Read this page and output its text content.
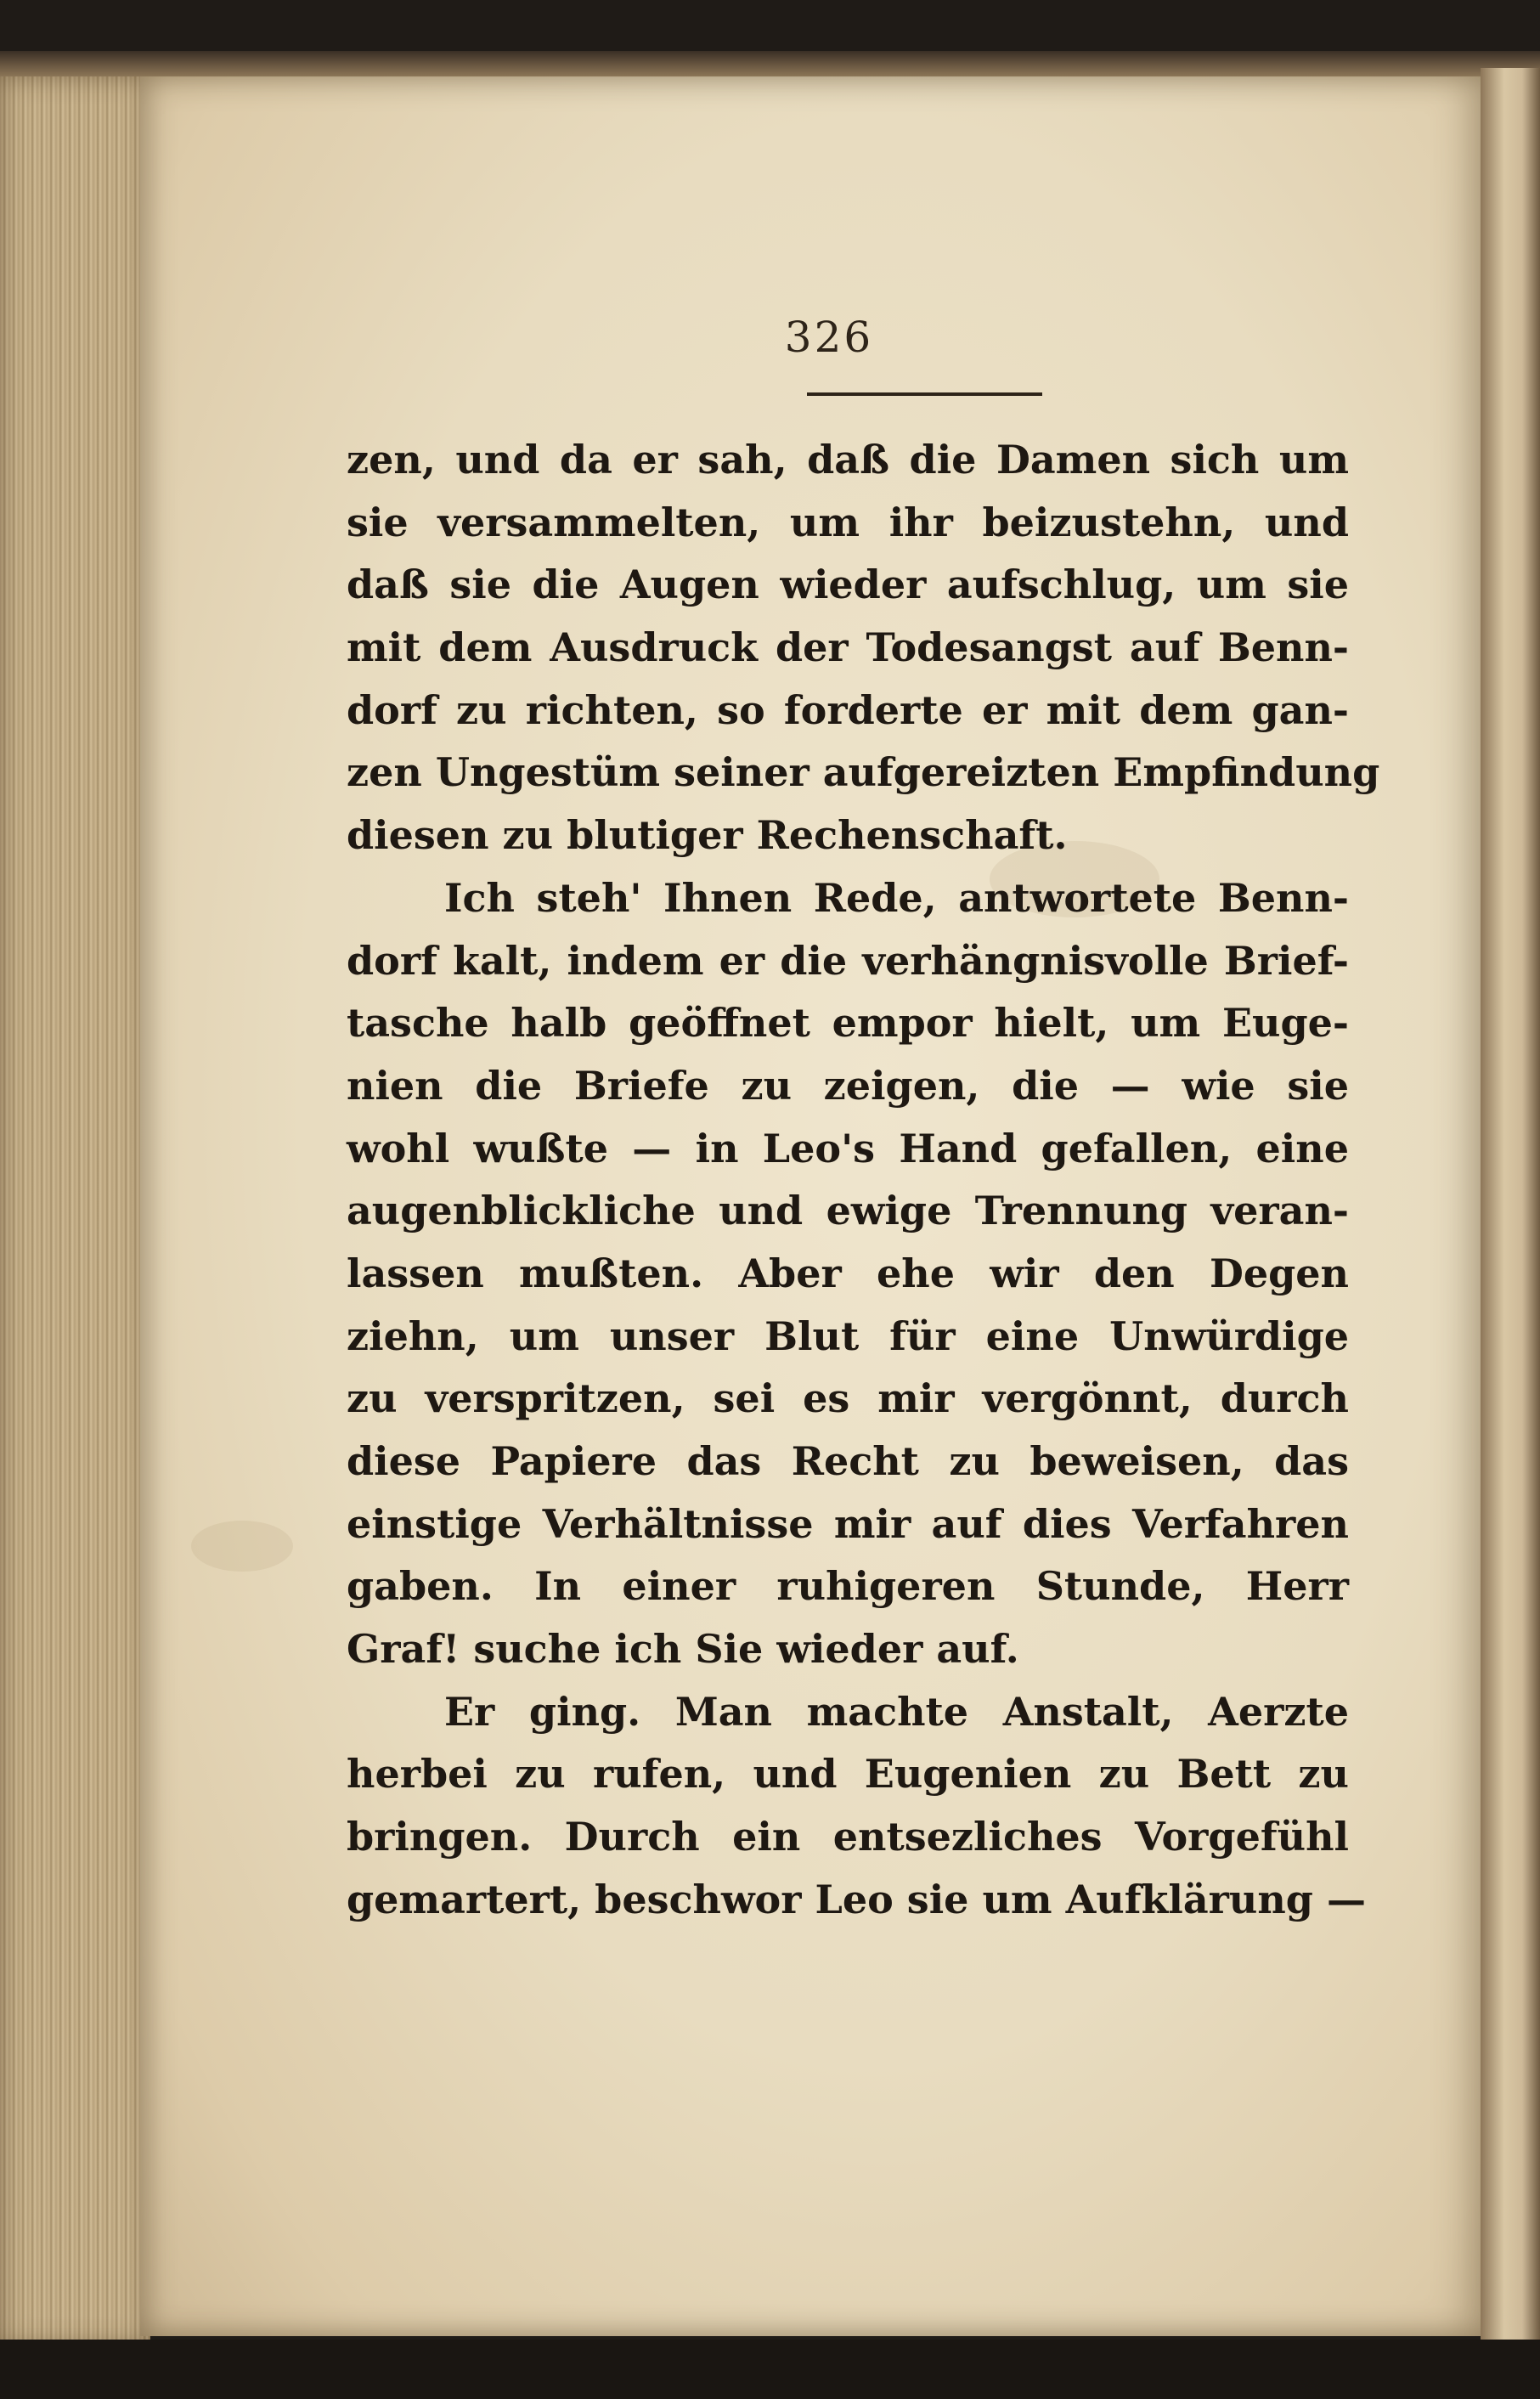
326
zen, und da er sah, daß die Damen sich um
sie versammelten, um ihr beizustehn, und
daß sie die Augen wieder aufschlug, um sie
mit dem Ausdruck der Todesangst auf Benn-
dorf zu richten, so forderte er mit dem gan-
zen Ungestüm seiner aufgereizten Empfindung
diesen zu blutiger Rechenschaft.
Ich steh' Ihnen Rede, antwortete Benn-
dorf kalt, indem er die verhängnisvolle Brief-
tasche halb geöffnet empor hielt, um Euge-
nien die Briefe zu zeigen, die — wie sie
wohl wußte — in Leo's Hand gefallen, eine
augenblickliche und ewige Trennung veran-
lassen mußten. Aber ehe wir den Degen
ziehn, um unser Blut für eine Unwürdige
zu verspritzen, sei es mir vergönnt, durch
diese Papiere das Recht zu beweisen, das
einstige Verhältnisse mir auf dies Verfahren
gaben. In einer ruhigeren Stunde, Herr
Graf! suche ich Sie wieder auf.
Er ging. Man machte Anstalt, Aerzte
herbei zu rufen, und Eugenien zu Bett zu
bringen. Durch ein entsezliches Vorgefühl
gemartert, beschwor Leo sie um Aufklärung —
